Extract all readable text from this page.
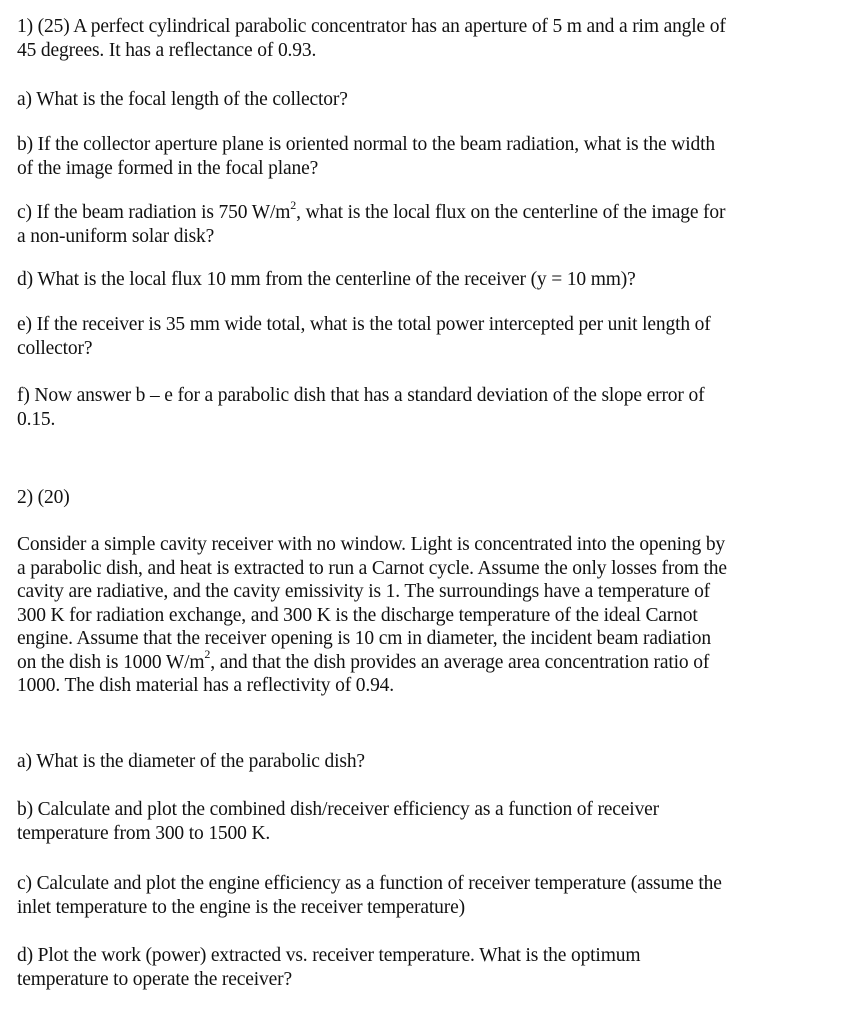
1) (25) A perfect cylindrical parabolic concentrator has an aperture of 5 m and a rim angle of
45 degrees. It has a reflectance of 0.93.

a) What is the focal length of the collector?

b) If the collector aperture plane is oriented normal to the beam radiation, what is the width
of the image formed in the focal plane?

c) If the beam radiation is 750 $W/m^2$, what is the local flux on the centerline of the image for
a non-uniform solar disk?

d) What is the local flux 10 mm from the centerline of the receiver (y = 10 mm)?

e) If the receiver is 35 mm wide total, what is the total power intercepted per unit length of
collector?

f) Now answer b – e for a parabolic dish that has a standard deviation of the slope error of
0.15.

2) (20)

Consider a simple cavity receiver with no window. Light is concentrated into the opening by
a parabolic dish, and heat is extracted to run a Carnot cycle. Assume the only losses from the
cavity are radiative, and the cavity emissivity is 1. The surroundings have a temperature of
300 K for radiation exchange, and 300 K is the discharge temperature of the ideal Carnot
engine. Assume that the receiver opening is 10 cm in diameter, the incident beam radiation
on the dish is 1000 $W/m^2$, and that the dish provides an average area concentration ratio of
1000. The dish material has a reflectivity of 0.94.

a) What is the diameter of the parabolic dish?

b) Calculate and plot the combined dish/receiver efficiency as a function of receiver
temperature from 300 to 1500 K.

c) Calculate and plot the engine efficiency as a function of receiver temperature (assume the
inlet temperature to the engine is the receiver temperature)

d) Plot the work (power) extracted vs. receiver temperature. What is the optimum
temperature to operate the receiver?
